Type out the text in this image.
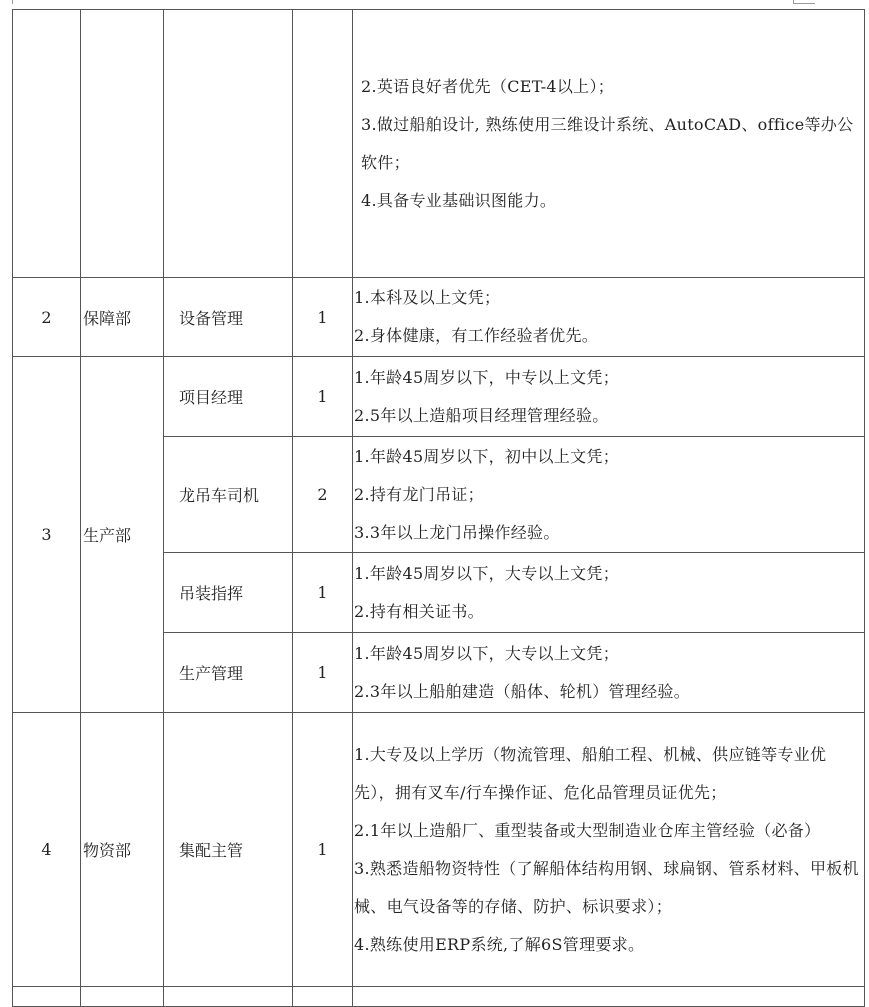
				2.英语良好者优先（CET-4以上）；

3.做过船舶设计, 熟练使用三维设计系统、AutoCAD、office等办公软件；

4.具备专业基础识图能力。

2	保障部	设备管理	1	1.本科及以上文凭；

2.身体健康，有工作经验者优先。

3	生产部	项目经理	1	1.年龄45周岁以下，中专以上文凭；

2.5年以上造船项目经理管理经验。

		龙吊车司机	2	1.年龄45周岁以下，初中以上文凭；

2.持有龙门吊证；

3.3年以上龙门吊操作经验。

		吊装指挥	1	1.年龄45周岁以下，大专以上文凭；

2.持有相关证书。

		生产管理	1	1.年龄45周岁以下，大专以上文凭；

2.3年以上船舶建造（船体、轮机）管理经验。

4	物资部	集配主管	1	1.大专及以上学历（物流管理、船舶工程、机械、供应链等专业优先），拥有叉车/行车操作证、危化品管理员证优先；

2.1年以上造船厂、重型装备或大型制造业仓库主管经验（必备）

3.熟悉造船物资特性（了解船体结构用钢、球扁钢、管系材料、甲板机械、电气设备等的存储、防护、标识要求）；

4.熟练使用ERP系统,了解6S管理要求。
